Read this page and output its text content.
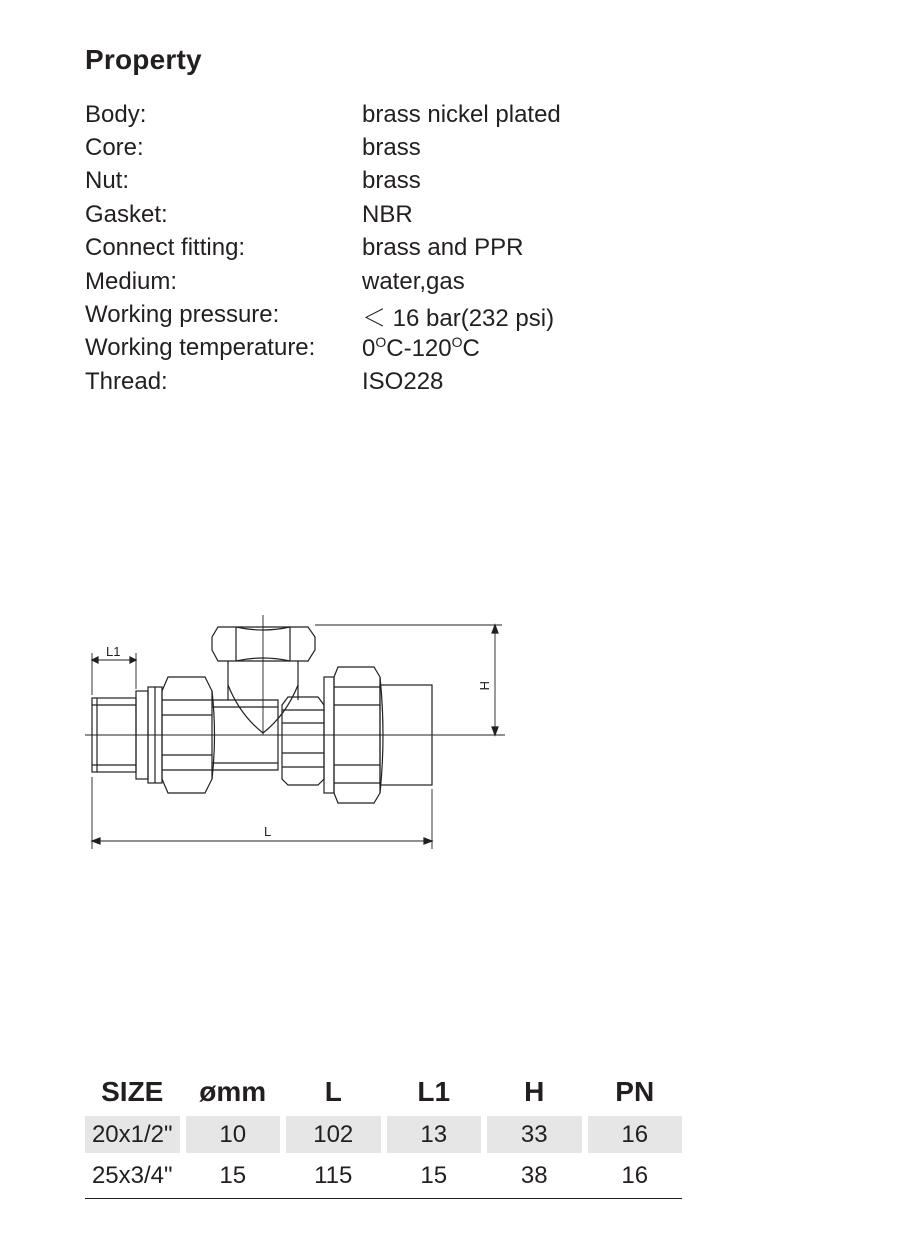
Property
Body:	brass nickel plated
Core:	brass
Nut:	brass
Gasket:	NBR
Connect fitting:	brass and PPR
Medium:	water,gas
Working pressure:	＜ 16 bar(232 psi)
Working temperature:	$0^OC-120^OC$
Thread:	ISO228
L1
L
H
SIZE	ømm	L	L1	H	PN
20x1/2"	10	102	13	33	16
25x3/4"	15	115	15	38	16
